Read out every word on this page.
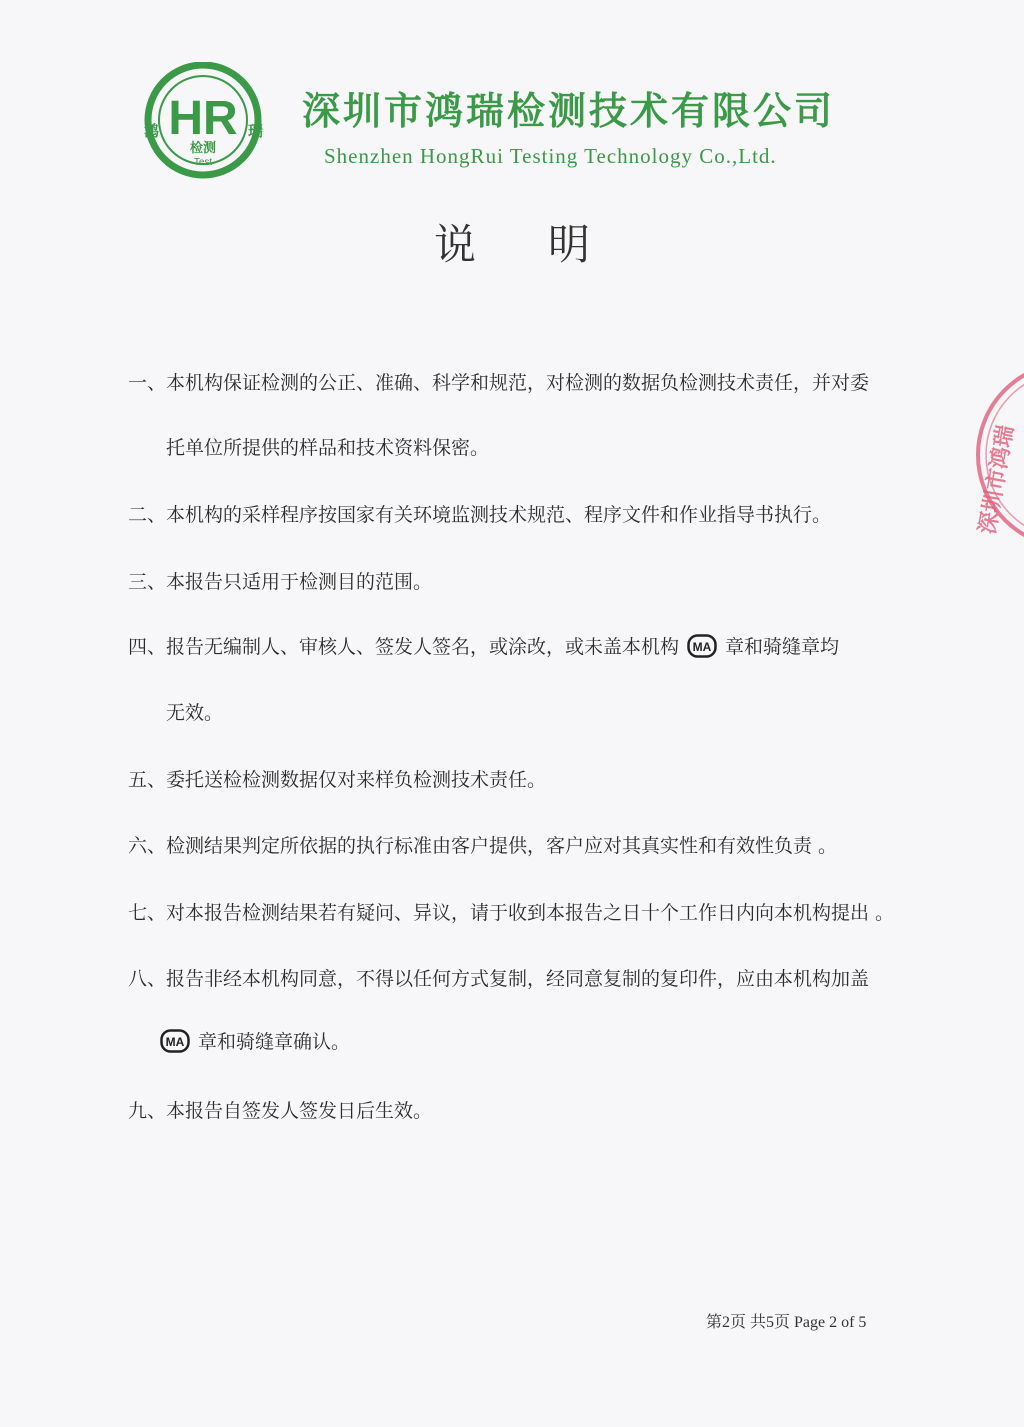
HR
鸿	瑞
检测
Test
深圳市鸿瑞检测技术有限公司
Shenzhen HongRui Testing Technology Co.,Ltd.
说明
一、本机构保证检测的公正、准确、科学和规范，对检测的数据负检测技术责任，并对委
托单位所提供的样品和技术资料保密。
二、本机构的采样程序按国家有关环境监测技术规范、程序文件和作业指导书执行。
三、本报告只适用于检测目的范围。
四、报告无编制人、审核人、签发人签名，或涂改，或未盖本机构 MA 章和骑缝章均
无效。
五、委托送检检测数据仅对来样负检测技术责任。
六、检测结果判定所依据的执行标准由客户提供，客户应对其真实性和有效性负责 。
七、对本报告检测结果若有疑问、异议，请于收到本报告之日十个工作日内向本机构提出 。
八、报告非经本机构同意，不得以任何方式复制，经同意复制的复印件，应由本机构加盖
MA 章和骑缝章确认。
九、本报告自签发人签发日后生效。
第2页 共5页 Page 2 of 5
深圳市鸿瑞
